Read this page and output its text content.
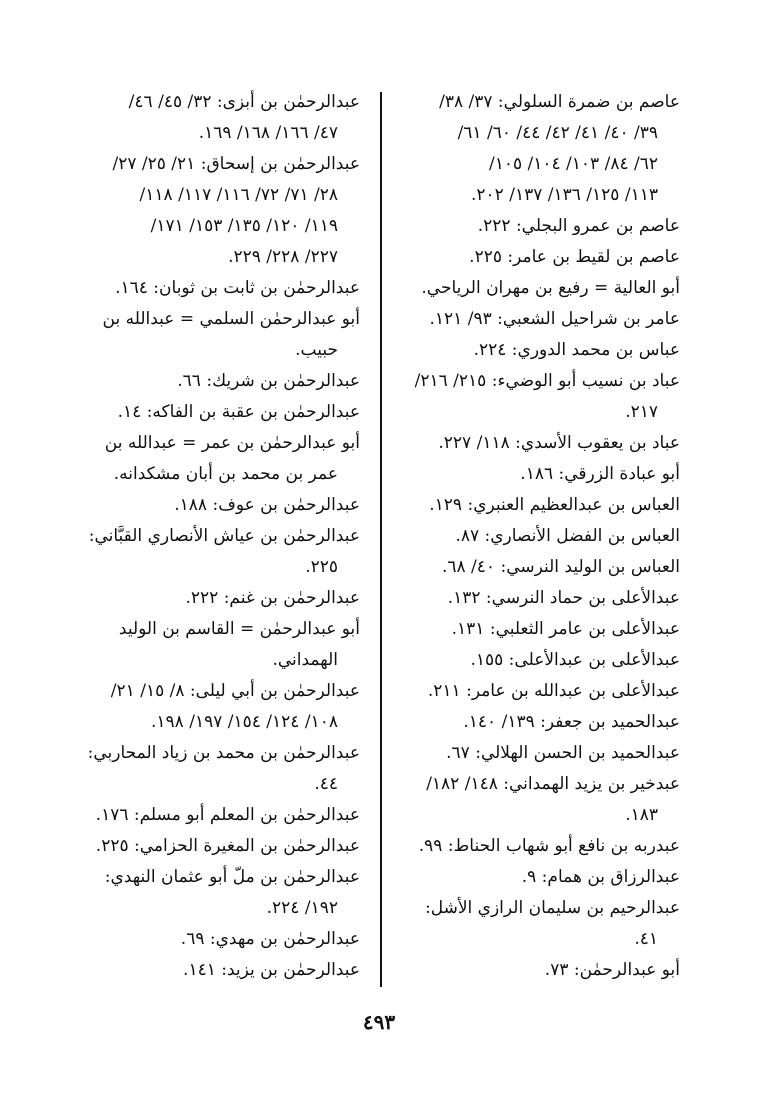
عاصم بن ضمرة السلولي: ٣٧/ ٣٨/
٣٩/ ٤٠/ ٤١/ ٤٢/ ٤٤/ ٦٠/ ٦١/
٦٢/ ٨٤/ ١٠٣/ ١٠٤/ ١٠٥/
١١٣/ ١٢٥/ ١٣٦/ ١٣٧/ ٢٠٢.
عاصم بن عمرو البجلي: ٢٢٢.
عاصم بن لقيط بن عامر: ٢٢٥.
أبو العالية = رفيع بن مهران الرياحي.
عامر بن شراحيل الشعبي: ٩٣/ ١٢١.
عباس بن محمد الدوري: ٢٢٤.
عباد بن نسيب أبو الوضيء: ٢١٥/ ٢١٦/
٢١٧.
عباد بن يعقوب الأسدي: ١١٨/ ٢٢٧.
أبو عبادة الزرقي: ١٨٦.
العباس بن عبدالعظيم العنبري: ١٢٩.
العباس بن الفضل الأنصاري: ٨٧.
العباس بن الوليد النرسي: ٤٠/ ٦٨.
عبدالأعلى بن حماد النرسي: ١٣٢.
عبدالأعلى بن عامر الثعلبي: ١٣١.
عبدالأعلى بن عبدالأعلى: ١٥٥.
عبدالأعلى بن عبدالله بن عامر: ٢١١.
عبدالحميد بن جعفر: ١٣٩/ ١٤٠.
عبدالحميد بن الحسن الهلالي: ٦٧.
عبدخير بن يزيد الهمداني: ١٤٨/ ١٨٢/
١٨٣.
عبدربه بن نافع أبو شهاب الحناط: ٩٩.
عبدالرزاق بن همام: ٩.
عبدالرحيم بن سليمان الرازي الأشل:
٤١.
أبو عبدالرحمٰن: ٧٣.
عبدالرحمٰن بن أبزى: ٣٢/ ٤٥/ ٤٦/
٤٧/ ١٦٦/ ١٦٨/ ١٦٩.
عبدالرحمٰن بن إسحاق: ٢١/ ٢٥/ ٢٧/
٢٨/ ٧١/ ٧٢/ ١١٦/ ١١٧/ ١١٨/
١١٩/ ١٢٠/ ١٣٥/ ١٥٣/ ١٧١/
٢٢٧/ ٢٢٨/ ٢٢٩.
عبدالرحمٰن بن ثابت بن ثوبان: ١٦٤.
أبو عبدالرحمٰن السلمي = عبدالله بن
حبيب.
عبدالرحمٰن بن شريك: ٦٦.
عبدالرحمٰن بن عقبة بن الفاكه: ١٤.
أبو عبدالرحمٰن بن عمر = عبدالله بن
عمر بن محمد بن أبان مشكدانه.
عبدالرحمٰن بن عوف: ١٨٨.
عبدالرحمٰن بن عياش الأنصاري القبَّاني:
٢٢٥.
عبدالرحمٰن بن غنم: ٢٢٢.
أبو عبدالرحمٰن = القاسم بن الوليد
الهمداني.
عبدالرحمٰن بن أبي ليلى: ٨/ ١٥/ ٢١/
١٠٨/ ١٢٤/ ١٥٤/ ١٩٧/ ١٩٨.
عبدالرحمٰن بن محمد بن زياد المحاربي:
٤٤.
عبدالرحمٰن بن المعلم أبو مسلم: ١٧٦.
عبدالرحمٰن بن المغيرة الحزامي: ٢٢٥.
عبدالرحمٰن بن ملّ أبو عثمان النهدي:
١٩٢/ ٢٢٤.
عبدالرحمٰن بن مهدي: ٦٩.
عبدالرحمٰن بن يزيد: ١٤١.
٤٩٣
